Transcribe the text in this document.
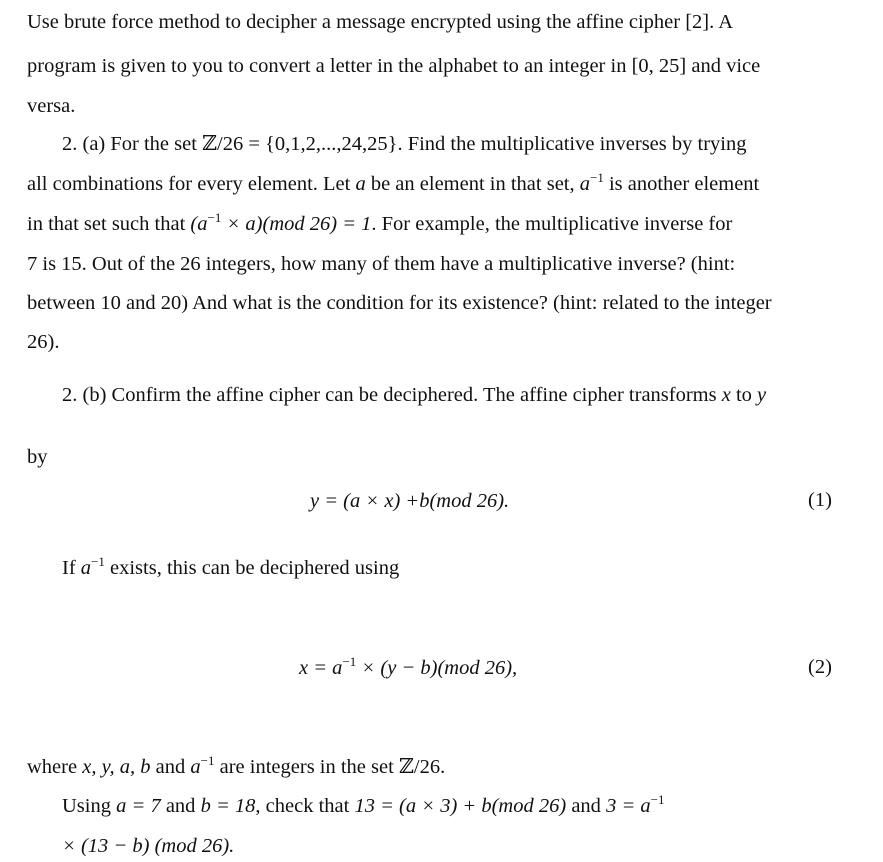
Use brute force method to decipher a message encrypted using the affine cipher [2]. A
program is given to you to convert a letter in the alphabet to an integer in [0, 25] and vice
versa.
2. (a) For the set ℤ/26 = {0,1,2,...,24,25}. Find the multiplicative inverses by trying
all combinations for every element. Let a be an element in that set, $a^{-1}$ is another element
in that set such that $(a^{-1} \times a)(mod$ 26) = 1. For example, the multiplicative inverse for
7 is 15. Out of the 26 integers, how many of them have a multiplicative inverse? (hint:
between 10 and 20) And what is the condition for its existence? (hint: related to the integer
26).
2. (b) Confirm the affine cipher can be deciphered. The affine cipher transforms x to y
by
y = (a × x) +b(mod 26).	(1)
If $a^{-1}$ exists, this can be deciphered using
$x = a^{-1} \times (y - b)(mod$ 26),	(2)
where x, y, a, b and $a^{-1}$ are integers in the set ℤ/26.
Using a = 7 and b = 18, check that 13 = (a × 3) + b(mod 26) and $3 = a^{-1}$
× (13 − b) (mod 26).
